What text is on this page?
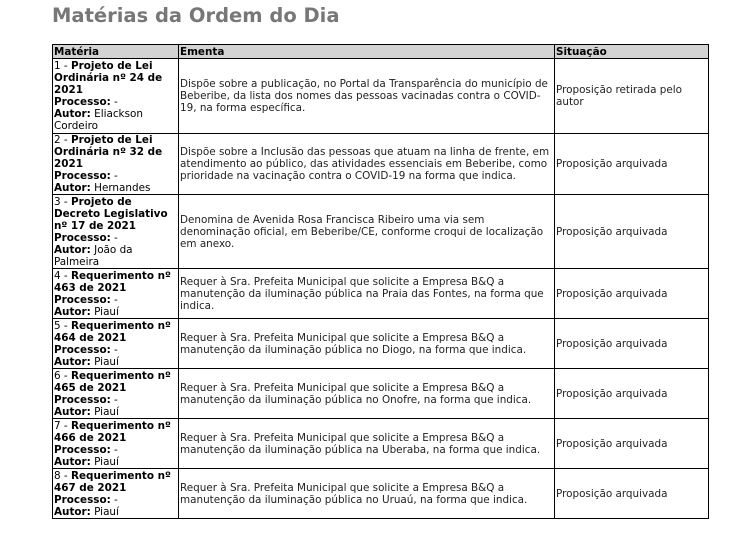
Matérias da Ordem do Dia
Matéria	Ementa	Situação
1 - Projeto de Lei Ordinária nº 24 de 2021
Processo: -
Autor: Eliackson Cordeiro	Dispõe sobre a publicação, no Portal da Transparência do município de Beberibe, da lista dos nomes das pessoas vacinadas contra o COVID-19, na forma específica.	Proposição retirada pelo autor
2 - Projeto de Lei Ordinária nº 32 de 2021
Processo: -
Autor: Hernandes	Dispõe sobre a Inclusão das pessoas que atuam na linha de frente, em atendimento ao público, das atividades essenciais em Beberibe, como prioridade na vacinação contra o COVID-19 na forma que indica.	Proposição arquivada
3 - Projeto de Decreto Legislativo nº 17 de 2021
Processo: -
Autor: João da Palmeira	Denomina de Avenida Rosa Francisca Ribeiro uma via sem denominação oficial, em Beberibe/CE, conforme croqui de localização em anexo.	Proposição arquivada
4 - Requerimento nº 463 de 2021
Processo: -
Autor: Piauí	Requer à Sra. Prefeita Municipal que solicite a Empresa B&Q a manutenção da iluminação pública na Praia das Fontes, na forma que indica.	Proposição arquivada
5 - Requerimento nº 464 de 2021
Processo: -
Autor: Piauí	Requer à Sra. Prefeita Municipal que solicite a Empresa B&Q a manutenção da iluminação pública no Diogo, na forma que indica.	Proposição arquivada
6 - Requerimento nº 465 de 2021
Processo: -
Autor: Piauí	Requer à Sra. Prefeita Municipal que solicite a Empresa B&Q a manutenção da iluminação pública no Onofre, na forma que indica.	Proposição arquivada
7 - Requerimento nº 466 de 2021
Processo: -
Autor: Piauí	Requer à Sra. Prefeita Municipal que solicite a Empresa B&Q a manutenção da iluminação pública na Uberaba, na forma que indica.	Proposição arquivada
8 - Requerimento nº 467 de 2021
Processo: -
Autor: Piauí	Requer à Sra. Prefeita Municipal que solicite a Empresa B&Q a manutenção da iluminação pública no Uruaú, na forma que indica.	Proposição arquivada
